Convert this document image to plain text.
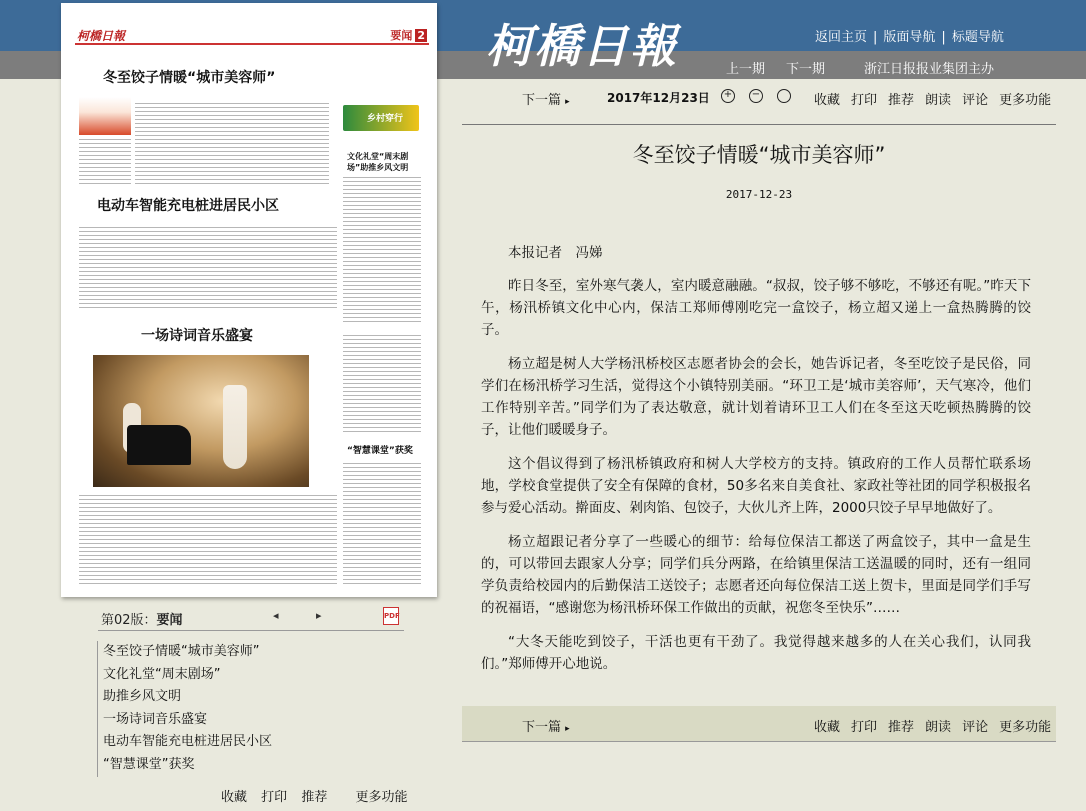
柯橋日報	返回主页 | 版面导航 | 标题导航
上一期 下一期	浙江日报报业集团主办
柯橋日報	要闻 2
冬至饺子情暖“城市美容师”
乡村穿行
文化礼堂“周末剧场”助推乡风文明
电动车智能充电桩进居民小区
一场诗词音乐盛宴
“智慧课堂”获奖
第02版：要闻	◂	▸	PDF
冬至饺子情暖“城市美容师”
文化礼堂“周末剧场”
助推乡风文明
一场诗词音乐盛宴
电动车智能充电桩进居民小区
“智慧课堂”获奖
收藏 打印 推荐 更多功能
下一篇 ▸	2017年12月23日 + −	收藏 打印 推荐 朗读 评论 更多功能
冬至饺子情暖“城市美容师”
2017-12-23

本报记者　冯娣

昨日冬至，室外寒气袭人，室内暖意融融。“叔叔，饺子够不够吃，不够还有呢。”昨天下午，杨汛桥镇文化中心内，保洁工郑师傅刚吃完一盒饺子，杨立超又递上一盒热腾腾的饺子。

杨立超是树人大学杨汛桥校区志愿者协会的会长，她告诉记者，冬至吃饺子是民俗，同学们在杨汛桥学习生活，觉得这个小镇特别美丽。“环卫工是‘城市美容师’，天气寒冷，他们工作特别辛苦。”同学们为了表达敬意，就计划着请环卫工人们在冬至这天吃顿热腾腾的饺子，让他们暖暖身子。

这个倡议得到了杨汛桥镇政府和树人大学校方的支持。镇政府的工作人员帮忙联系场地，学校食堂提供了安全有保障的食材，50多名来自美食社、家政社等社团的同学积极报名参与爱心活动。擀面皮、剁肉馅、包饺子，大伙儿齐上阵，2000只饺子早早地做好了。

杨立超跟记者分享了一些暖心的细节：给每位保洁工都送了两盒饺子，其中一盒是生的，可以带回去跟家人分享；同学们兵分两路，在给镇里保洁工送温暖的同时，还有一组同学负责给校园内的后勤保洁工送饺子；志愿者还向每位保洁工送上贺卡，里面是同学们手写的祝福语，“感谢您为杨汛桥环保工作做出的贡献，祝您冬至快乐”……

“大冬天能吃到饺子，干活也更有干劲了。我觉得越来越多的人在关心我们，认同我们。”郑师傅开心地说。

下一篇 ▸	收藏 打印 推荐 朗读 评论 更多功能
